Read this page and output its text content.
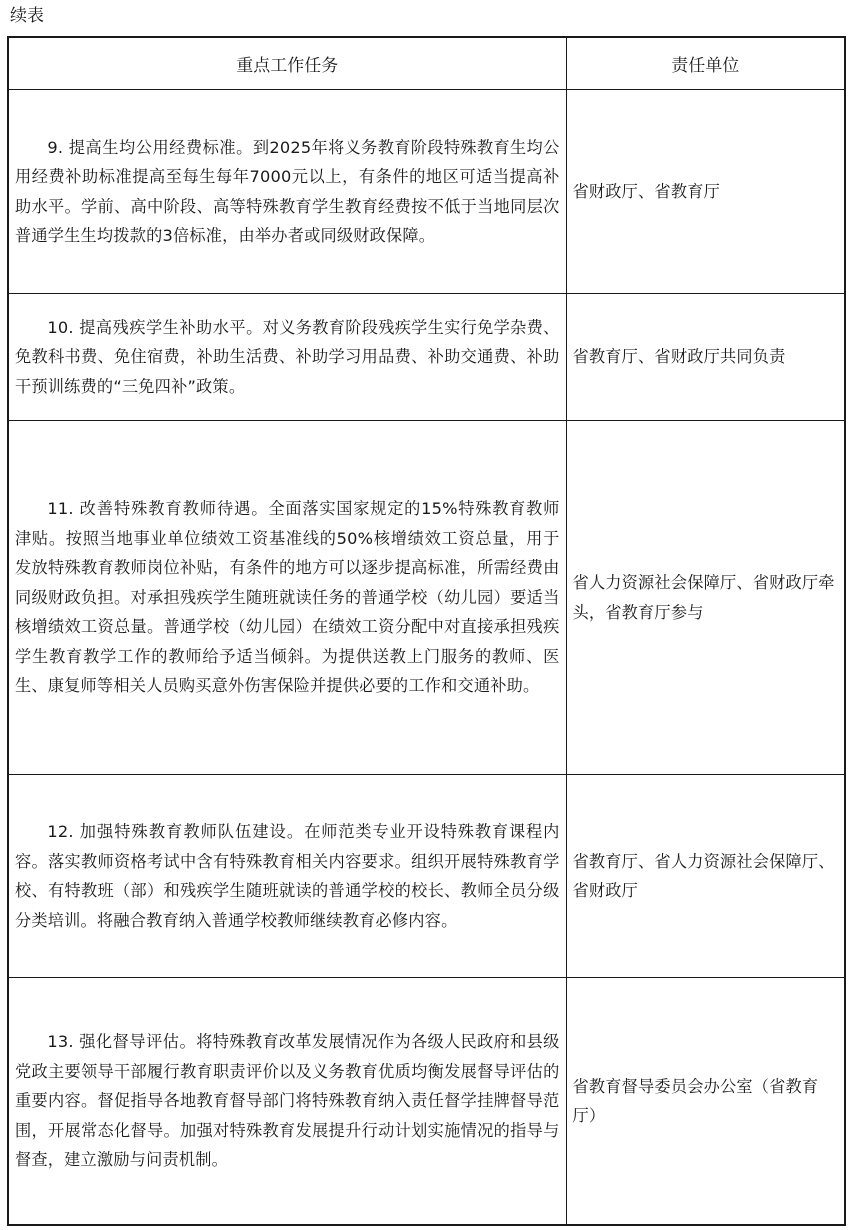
续表
重点工作任务	责任单位

9. 提高生均公用经费标准。到2025年将义务教育阶段特殊教育生均公用经费补助标准提高至每生每年7000元以上，有条件的地区可适当提高补助水平。学前、高中阶段、高等特殊教育学生教育经费按不低于当地同层次普通学生生均拨款的3倍标准，由举办者或同级财政保障。	省财政厅、省教育厅

10. 提高残疾学生补助水平。对义务教育阶段残疾学生实行免学杂费、免教科书费、免住宿费，补助生活费、补助学习用品费、补助交通费、补助干预训练费的“三免四补”政策。	省教育厅、省财政厅共同负责

11. 改善特殊教育教师待遇。全面落实国家规定的15%特殊教育教师津贴。按照当地事业单位绩效工资基准线的50%核增绩效工资总量，用于发放特殊教育教师岗位补贴，有条件的地方可以逐步提高标准，所需经费由同级财政负担。对承担残疾学生随班就读任务的普通学校（幼儿园）要适当核增绩效工资总量。普通学校（幼儿园）在绩效工资分配中对直接承担残疾学生教育教学工作的教师给予适当倾斜。为提供送教上门服务的教师、医生、康复师等相关人员购买意外伤害保险并提供必要的工作和交通补助。	省人力资源社会保障厅、省财政厅牵头，省教育厅参与

12. 加强特殊教育教师队伍建设。在师范类专业开设特殊教育课程内容。落实教师资格考试中含有特殊教育相关内容要求。组织开展特殊教育学校、有特教班（部）和残疾学生随班就读的普通学校的校长、教师全员分级分类培训。将融合教育纳入普通学校教师继续教育必修内容。	省教育厅、省人力资源社会保障厅、省财政厅

13. 强化督导评估。将特殊教育改革发展情况作为各级人民政府和县级党政主要领导干部履行教育职责评价以及义务教育优质均衡发展督导评估的重要内容。督促指导各地教育督导部门将特殊教育纳入责任督学挂牌督导范围，开展常态化督导。加强对特殊教育发展提升行动计划实施情况的指导与督查，建立激励与问责机制。	省教育督导委员会办公室（省教育厅）
